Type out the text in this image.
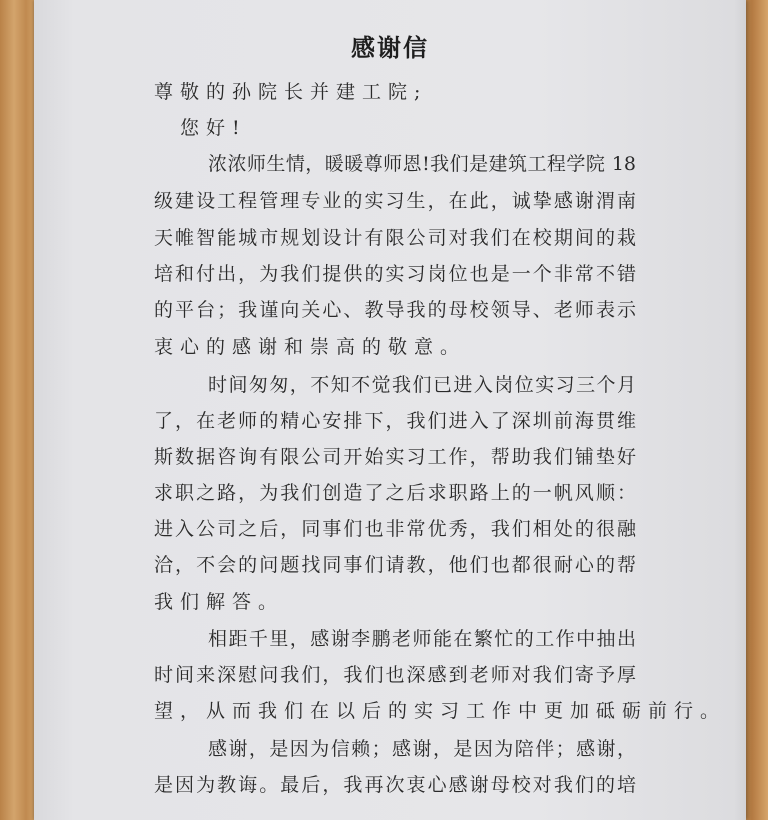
感谢信
尊敬的孙院长并建工院;
您好!
浓浓师生情，暖暖尊师恩!我们是建筑工程学院 18
级建设工程管理专业的实习生，在此，诚挚感谢渭南
天帷智能城市规划设计有限公司对我们在校期间的栽
培和付出，为我们提供的实习岗位也是一个非常不错
的平台；我谨向关心、教导我的母校领导、老师表示
衷心的感谢和崇高的敬意。
时间匆匆，不知不觉我们已进入岗位实习三个月
了，在老师的精心安排下，我们进入了深圳前海贯维
斯数据咨询有限公司开始实习工作，帮助我们铺垫好
求职之路，为我们创造了之后求职路上的一帆风顺：
进入公司之后，同事们也非常优秀，我们相处的很融
洽，不会的问题找同事们请教，他们也都很耐心的帮
我们解答。
相距千里，感谢李鹏老师能在繁忙的工作中抽出
时间来深慰问我们，我们也深感到老师对我们寄予厚
望，从而我们在以后的实习工作中更加砥砺前行。
感谢，是因为信赖；感谢，是因为陪伴；感谢，
是因为教诲。最后，我再次衷心感谢母校对我们的培
